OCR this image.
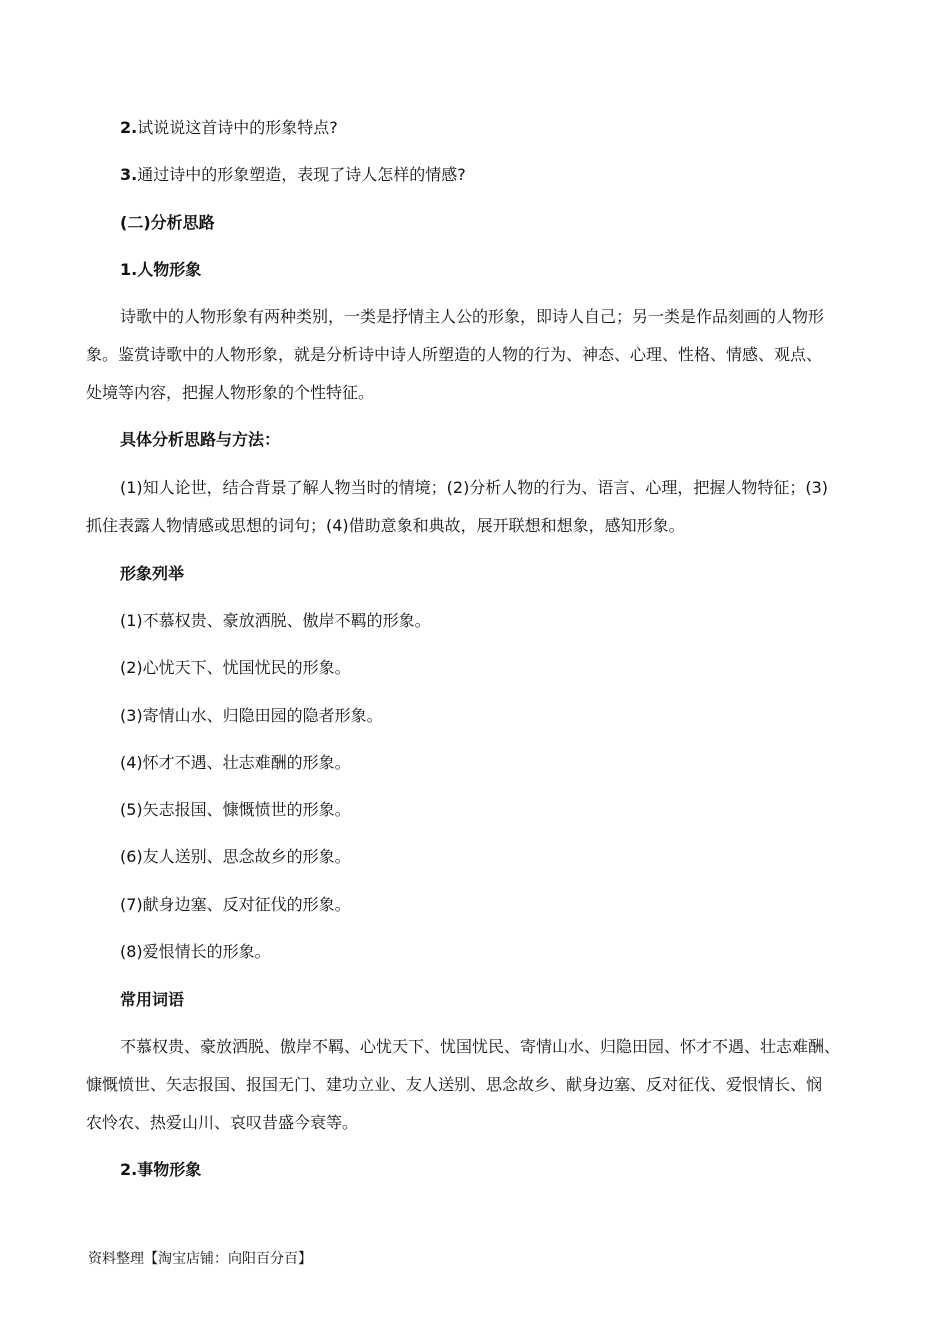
2.试说说这首诗中的形象特点?
3.通过诗中的形象塑造，表现了诗人怎样的情感?
(二)分析思路
1.人物形象
诗歌中的人物形象有两种类别，一类是抒情主人公的形象，即诗人自己；另一类是作品刻画的人物形
象。鉴赏诗歌中的人物形象，就是分析诗中诗人所塑造的人物的行为、神态、心理、性格、情感、观点、
处境等内容，把握人物形象的个性特征。
具体分析思路与方法：
(1)知人论世，结合背景了解人物当时的情境；(2)分析人物的行为、语言、心理，把握人物特征；(3)
抓住表露人物情感或思想的词句；(4)借助意象和典故，展开联想和想象，感知形象。
形象列举
(1)不慕权贵、豪放洒脱、傲岸不羁的形象。
(2)心忧天下、忧国忧民的形象。
(3)寄情山水、归隐田园的隐者形象。
(4)怀才不遇、壮志难酬的形象。
(5)矢志报国、慷慨愤世的形象。
(6)友人送别、思念故乡的形象。
(7)献身边塞、反对征伐的形象。
(8)爱恨情长的形象。
常用词语
不慕权贵、豪放洒脱、傲岸不羁、心忧天下、忧国忧民、寄情山水、归隐田园、怀才不遇、壮志难酬、
慷慨愤世、矢志报国、报国无门、建功立业、友人送别、思念故乡、献身边塞、反对征伐、爱恨情长、悯
农怜农、热爱山川、哀叹昔盛今衰等。
2.事物形象
资料整理【淘宝店铺：向阳百分百】
